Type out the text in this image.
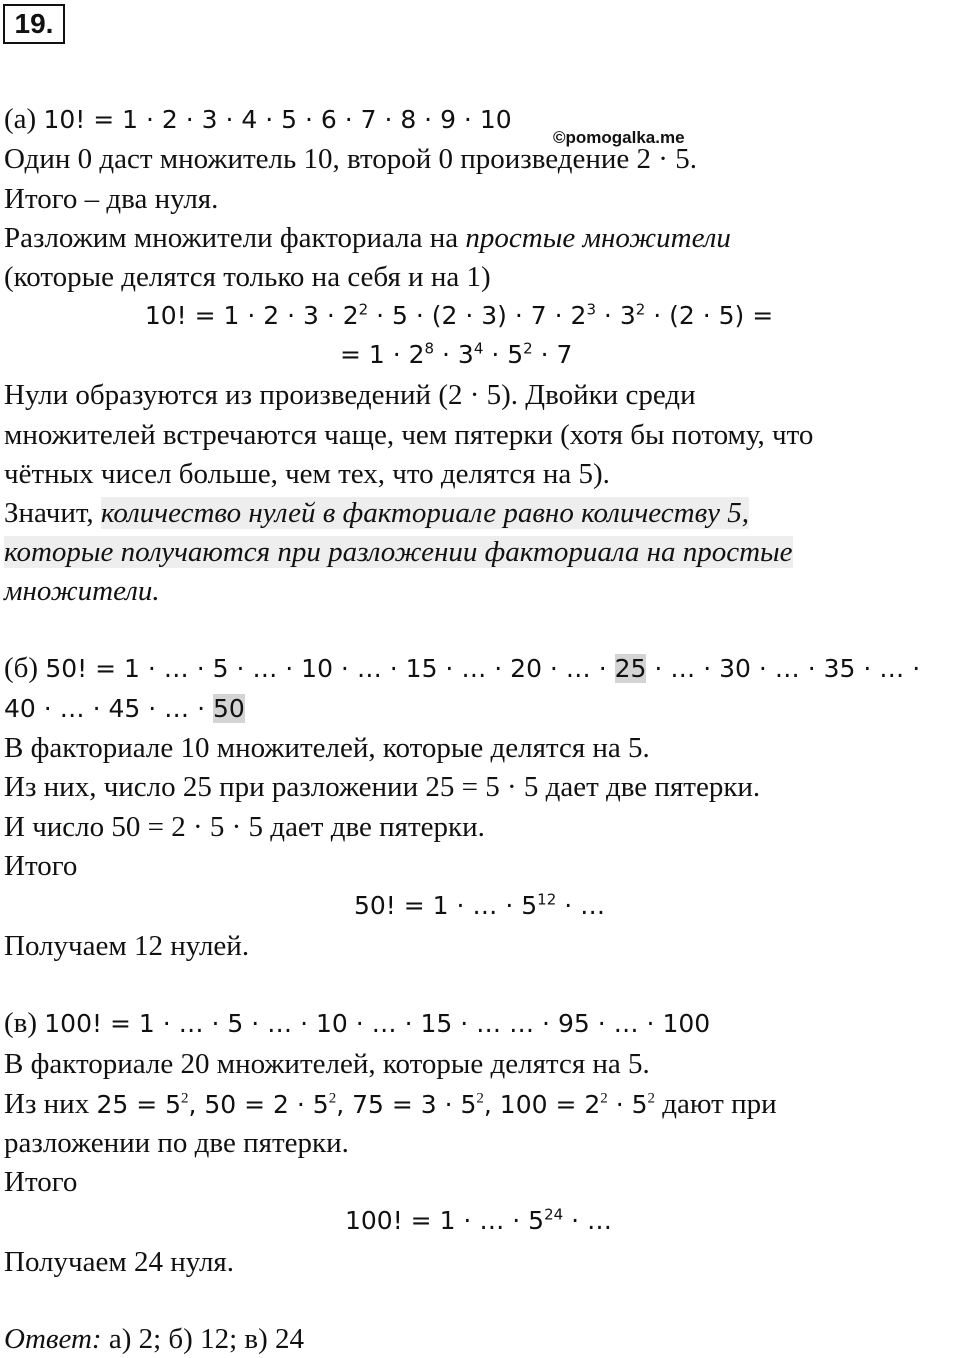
19.
(а) 10! = 1 · 2 · 3 · 4 · 5 · 6 · 7 · 8 · 9 · 10
©pomogalka.me
Один 0 даст множитель 10, второй 0 произведение 2 · 5.
Итого – два нуля.
Разложим множители факториала на простые множители
(которые делятся только на себя и на 1)
10! = $1 \cdot 2 \cdot 3 \cdot 2^2 \cdot 5 \cdot (2 \cdot 3) \cdot 7 \cdot 2^3 \cdot 3^2 \cdot (2 \cdot 5)$ =
= $1 \cdot 2^8 \cdot 3^4 \cdot 5^2 \cdot 7$
Нули образуются из произведений (2 · 5). Двойки среди
множителей встречаются чаще, чем пятерки (хотя бы потому, что
чётных чисел больше, чем тех, что делятся на 5).
Значит, количество нулей в факториале равно количеству 5,
которые получаются при разложении факториала на простые
множители.
(б) 50! = 1 · … · 5 · … · 10 · … · 15 · … · 20 · … · 25 · … · 30 · … · 35 · … ·
40 · … · 45 · … · 50
В факториале 10 множителей, которые делятся на 5.
Из них, число 25 при разложении 25 = 5 · 5 дает две пятерки.
И число 50 = 2 · 5 · 5 дает две пятерки.
Итого
50! = 1 · … · $5^{12}$ · …
Получаем 12 нулей.
(в) 100! = 1 · … · 5 · … · 10 · … · 15 · … … · 95 · … · 100
В факториале 20 множителей, которые делятся на 5.
Из них $25 = 5^2$, $50 = 2 \cdot 5^2$, $75 = 3 \cdot 5^2$, $100 = 2^2 \cdot 5^2$ дают при
разложении по две пятерки.
Итого
100! = 1 · … · $5^{24}$ · …
Получаем 24 нуля.
Ответ: а) 2; б) 12; в) 24
